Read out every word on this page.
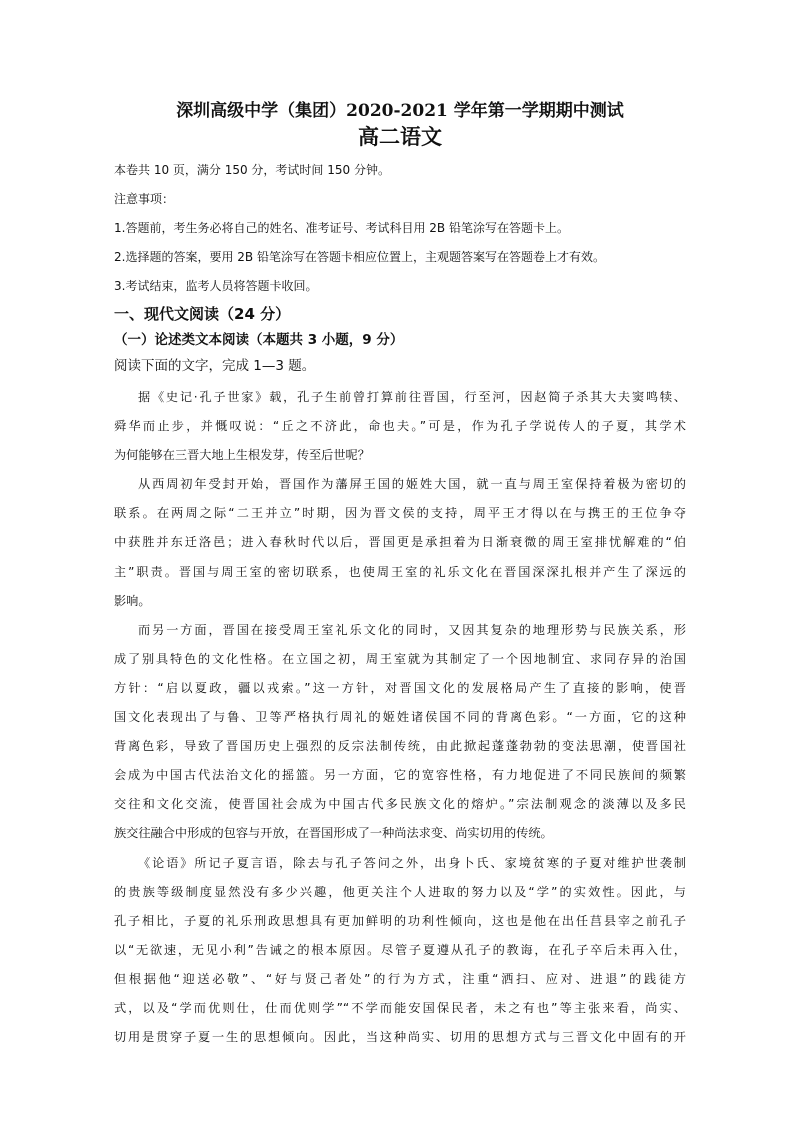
深圳高级中学（集团）2020-2021 学年第一学期期中测试
高二语文

本卷共 10 页，满分 150 分，考试时间 150 分钟。

注意事项：

1.答题前，考生务必将自己的姓名、准考证号、考试科目用 2B 铅笔涂写在答题卡上。

2.选择题的答案，要用 2B 铅笔涂写在答题卡相应位置上，主观题答案写在答题卷上才有效。

3.考试结束，监考人员将答题卡收回。

一、现代文阅读（24 分）

（一）论述类文本阅读（本题共 3 小题，9 分）

阅读下面的文字，完成 1—3 题。

据《史记·孔子世家》载，孔子生前曾打算前往晋国，行至河，因赵简子杀其大夫窦鸣犊、
舜华而止步，并慨叹说：“丘之不济此，命也夫。”可是，作为孔子学说传人的子夏，其学术
为何能够在三晋大地上生根发芽，传至后世呢？

从西周初年受封开始，晋国作为藩屏王国的姬姓大国，就一直与周王室保持着极为密切的
联系。在两周之际“二王并立”时期，因为晋文侯的支持，周平王才得以在与携王的王位争夺
中获胜并东迁洛邑；进入春秋时代以后，晋国更是承担着为日渐衰微的周王室排忧解难的“伯
主”职责。晋国与周王室的密切联系，也使周王室的礼乐文化在晋国深深扎根并产生了深远的
影响。

而另一方面，晋国在接受周王室礼乐文化的同时，又因其复杂的地理形势与民族关系，形
成了别具特色的文化性格。在立国之初，周王室就为其制定了一个因地制宜、求同存异的治国
方针：“启以夏政，疆以戎索。”这一方针，对晋国文化的发展格局产生了直接的影响，使晋
国文化表现出了与鲁、卫等严格执行周礼的姬姓诸侯国不同的背离色彩。“一方面，它的这种
背离色彩，导致了晋国历史上强烈的反宗法制传统，由此掀起蓬蓬勃勃的变法思潮，使晋国社
会成为中国古代法治文化的摇篮。另一方面，它的宽容性格，有力地促进了不同民族间的频繁
交往和文化交流，使晋国社会成为中国古代多民族文化的熔炉。”宗法制观念的淡薄以及多民
族交往融合中形成的包容与开放，在晋国形成了一种尚法求变、尚实切用的传统。

《论语》所记子夏言语，除去与孔子答问之外，出身卜氏、家境贫寒的子夏对维护世袭制
的贵族等级制度显然没有多少兴趣，他更关注个人进取的努力以及“学”的实效性。因此，与
孔子相比，子夏的礼乐刑政思想具有更加鲜明的功利性倾向，这也是他在出任莒县宰之前孔子
以“无欲速，无见小利”告诫之的根本原因。尽管子夏遵从孔子的教诲，在孔子卒后未再入仕，
但根据他“迎送必敬”、“好与贤己者处”的行为方式，注重“洒扫、应对、进退”的践徒方
式，以及“学而优则仕，仕而优则学”“不学而能安国保民者，未之有也”等主张来看，尚实、
切用是贯穿子夏一生的思想倾向。因此，当这种尚实、切用的思想方式与三晋文化中固有的开
